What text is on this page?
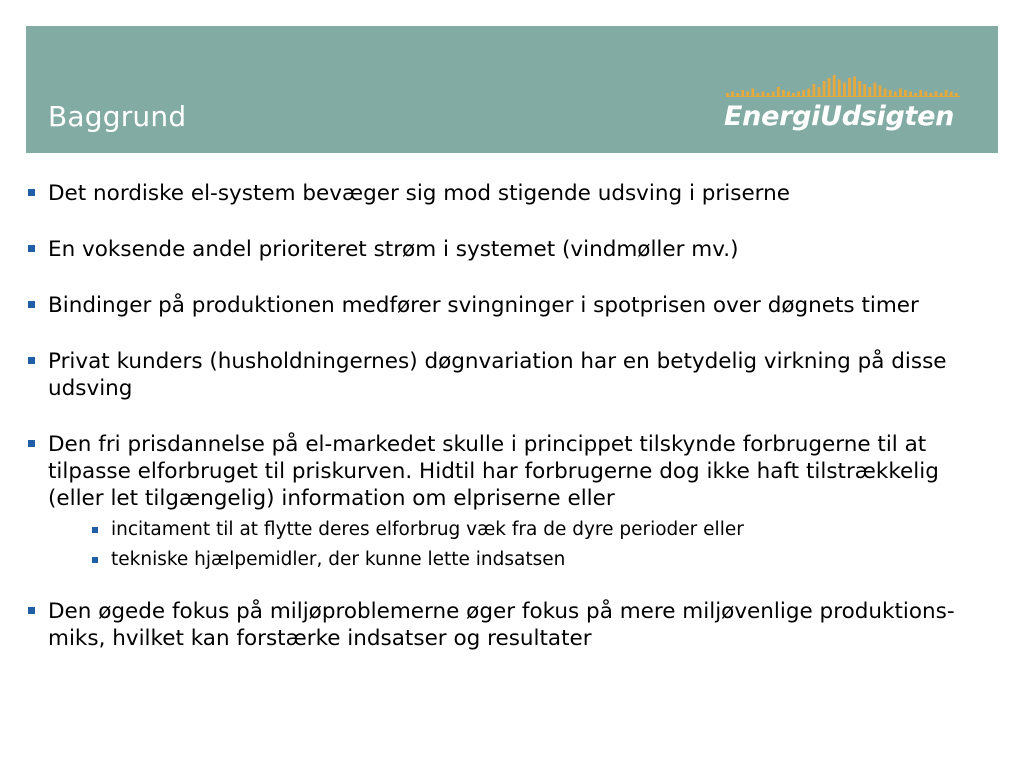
Baggrund	EnergiUdsigten
Det nordiske el-system bevæger sig mod stigende udsving i priserne
En voksende andel prioriteret strøm i systemet (vindmøller mv.)
Bindinger på produktionen medfører svingninger i spotprisen over døgnets timer
Privat kunders (husholdningernes) døgnvariation har en betydelig virkning på disse udsving
Den fri prisdannelse på el-markedet skulle i princippet tilskynde forbrugerne til at tilpasse elforbruget til priskurven. Hidtil har forbrugerne dog ikke haft tilstrækkelig (eller let tilgængelig) information om elpriserne eller
incitament til at flytte deres elforbrug væk fra de dyre perioder eller
tekniske hjælpemidler, der kunne lette indsatsen
Den øgede fokus på miljøproblemerne øger fokus på mere miljøvenlige produktions-miks, hvilket kan forstærke indsatser og resultater
